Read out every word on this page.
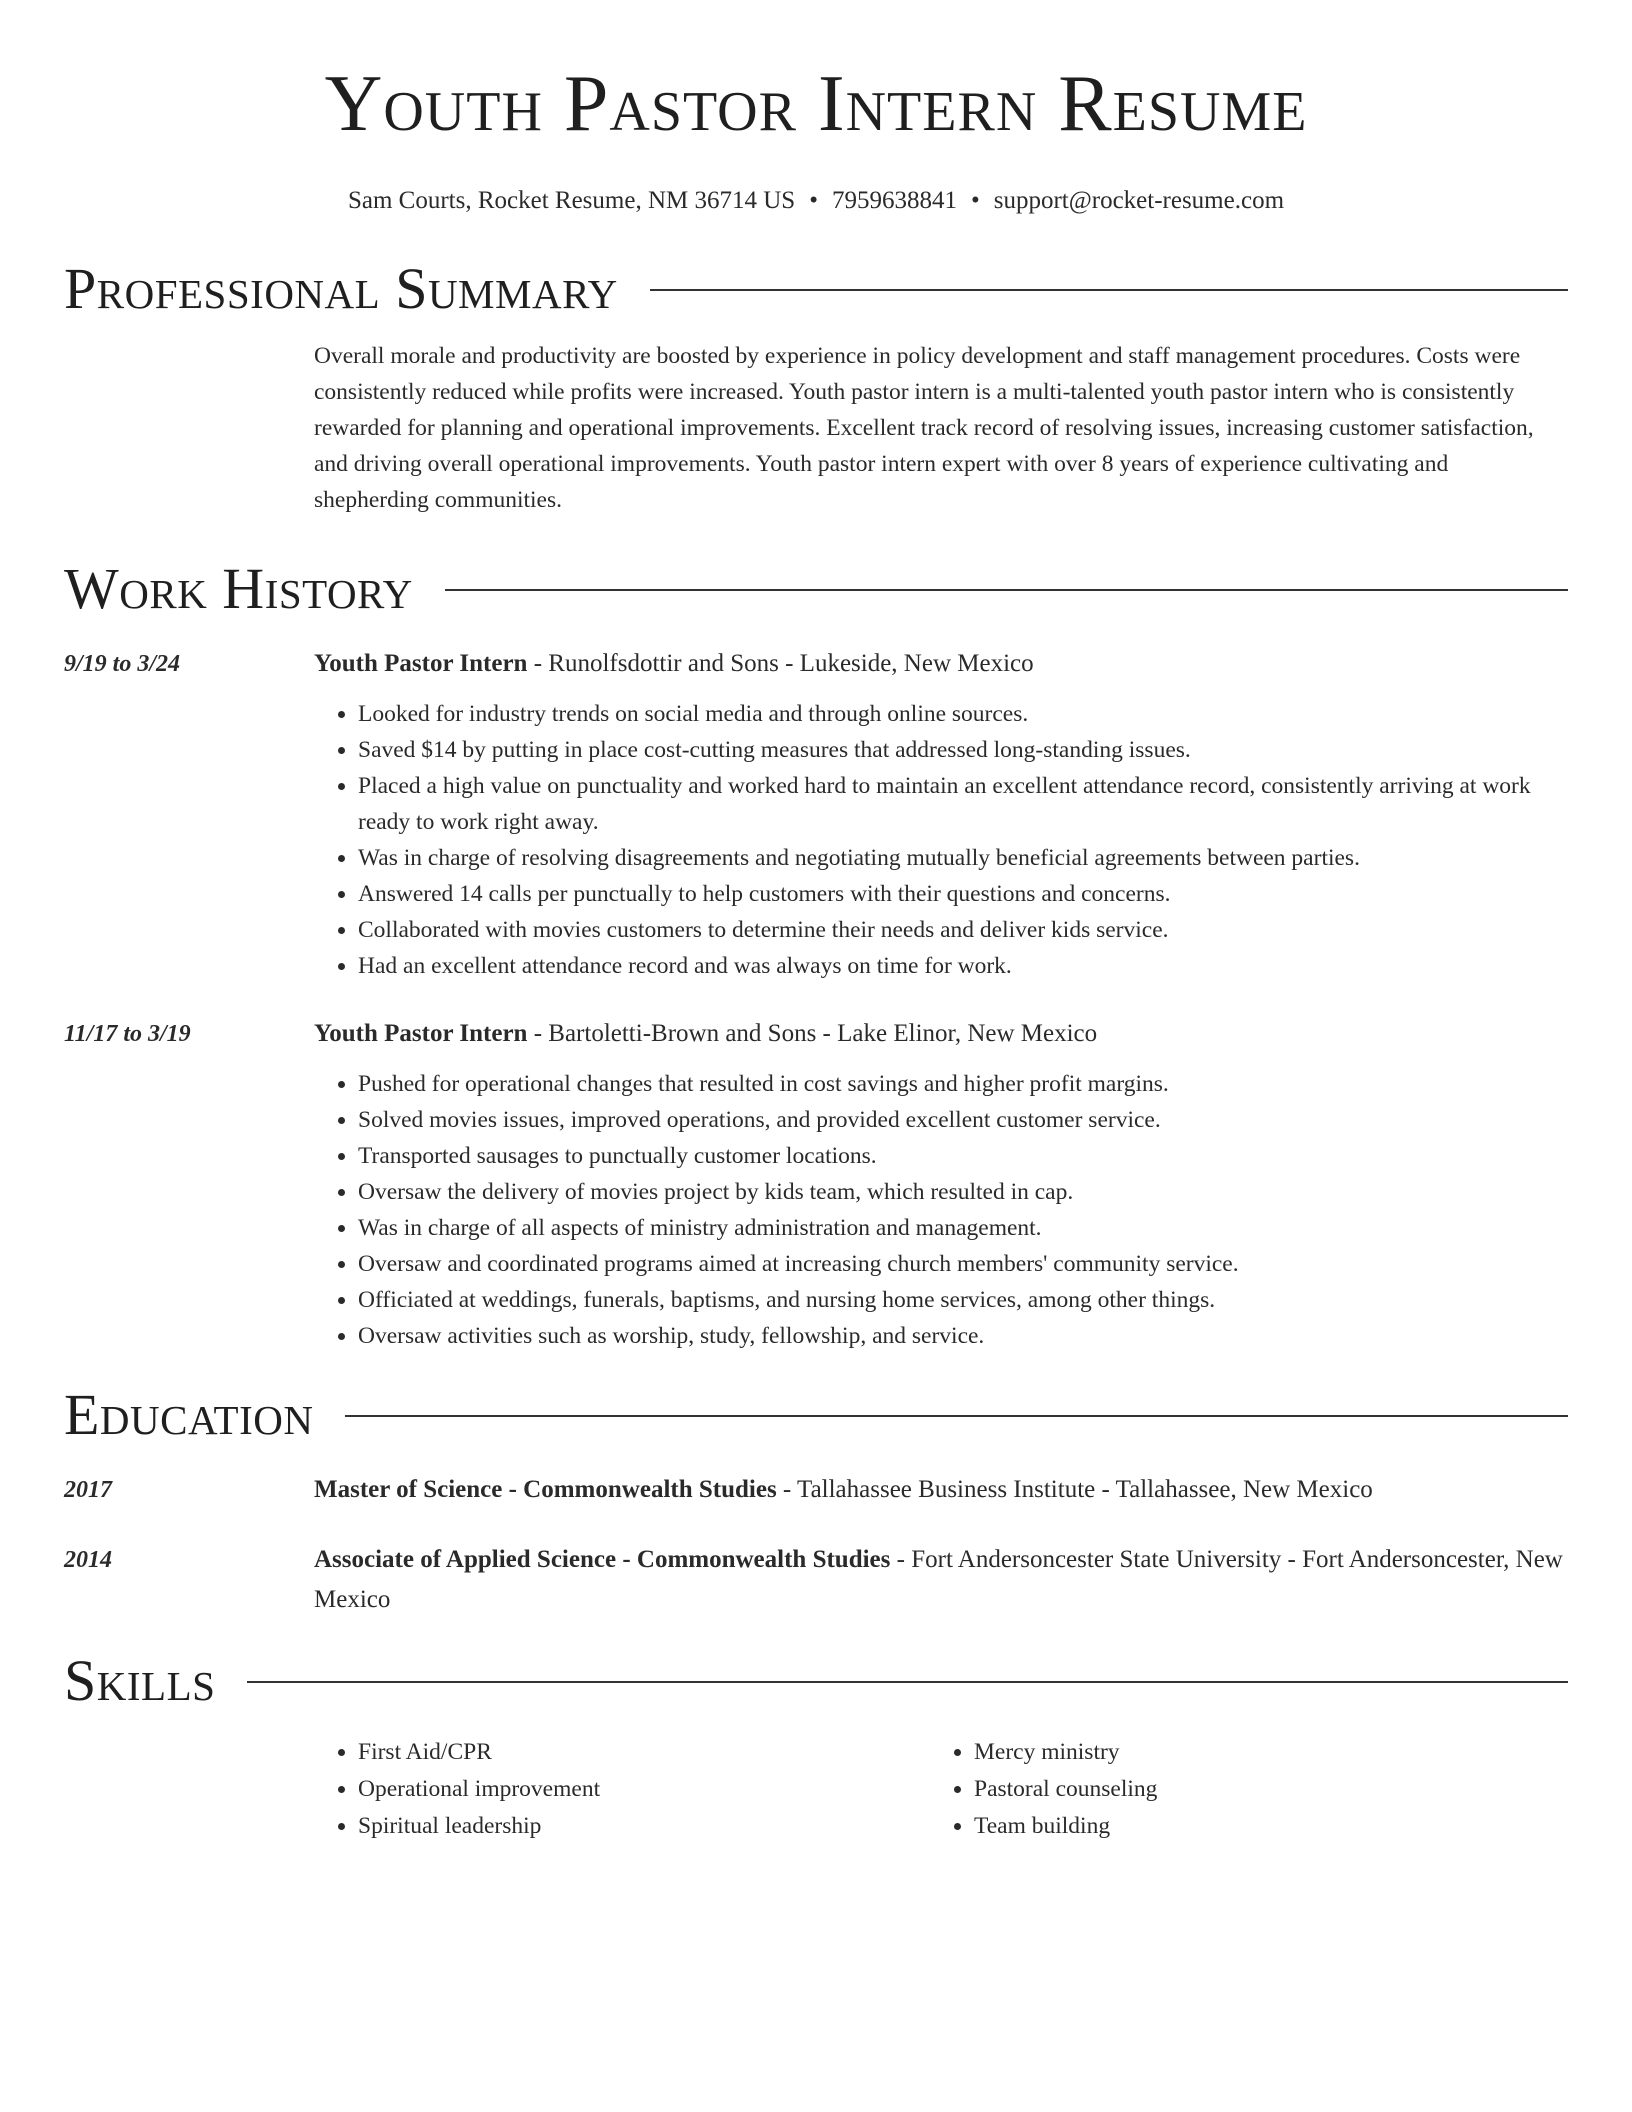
Youth Pastor Intern Resume
Sam Courts, Rocket Resume, NM 36714 US • 7959638841 • support@rocket-resume.com
Professional Summary
Overall morale and productivity are boosted by experience in policy development and staff management procedures. Costs were consistently reduced while profits were increased. Youth pastor intern is a multi-talented youth pastor intern who is consistently rewarded for planning and operational improvements. Excellent track record of resolving issues, increasing customer satisfaction, and driving overall operational improvements. Youth pastor intern expert with over 8 years of experience cultivating and shepherding communities.
Work History
9/19 to 3/24	Youth Pastor Intern - Runolfsdottir and Sons - Lukeside, New Mexico
• Looked for industry trends on social media and through online sources.
• Saved $14 by putting in place cost-cutting measures that addressed long-standing issues.
• Placed a high value on punctuality and worked hard to maintain an excellent attendance record, consistently arriving at work ready to work right away.
• Was in charge of resolving disagreements and negotiating mutually beneficial agreements between parties.
• Answered 14 calls per punctually to help customers with their questions and concerns.
• Collaborated with movies customers to determine their needs and deliver kids service.
• Had an excellent attendance record and was always on time for work.
11/17 to 3/19	Youth Pastor Intern - Bartoletti-Brown and Sons - Lake Elinor, New Mexico
• Pushed for operational changes that resulted in cost savings and higher profit margins.
• Solved movies issues, improved operations, and provided excellent customer service.
• Transported sausages to punctually customer locations.
• Oversaw the delivery of movies project by kids team, which resulted in cap.
• Was in charge of all aspects of ministry administration and management.
• Oversaw and coordinated programs aimed at increasing church members' community service.
• Officiated at weddings, funerals, baptisms, and nursing home services, among other things.
• Oversaw activities such as worship, study, fellowship, and service.
Education
2017	Master of Science - Commonwealth Studies - Tallahassee Business Institute - Tallahassee, New Mexico
2014	Associate of Applied Science - Commonwealth Studies - Fort Andersoncester State University - Fort Andersoncester, New Mexico
Skills
• First Aid/CPR
• Operational improvement
• Spiritual leadership
• Mercy ministry
• Pastoral counseling
• Team building
